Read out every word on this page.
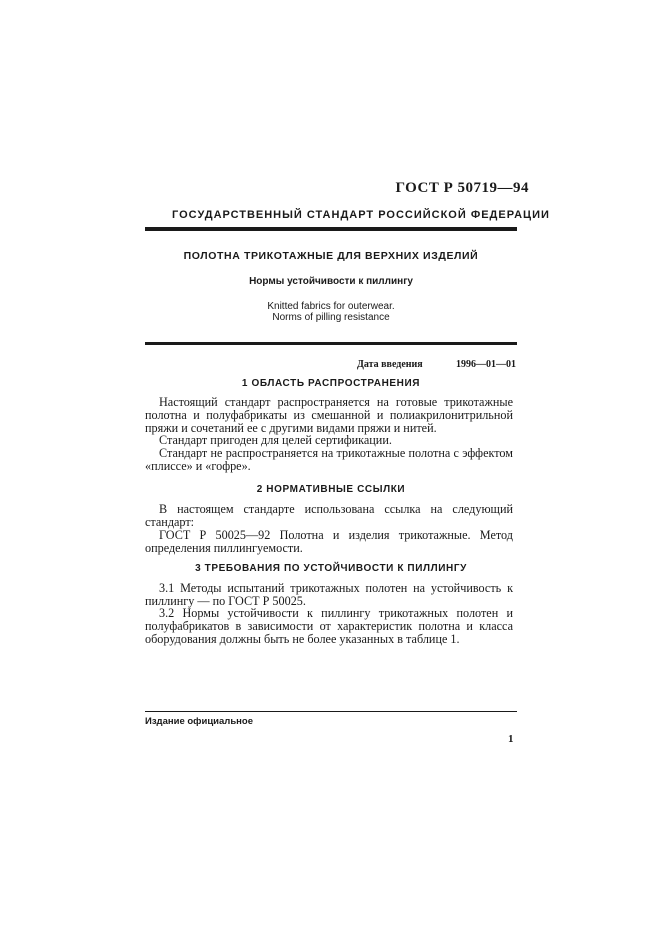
ГОСТ Р 50719—94
ГОСУДАРСТВЕННЫЙ СТАНДАРТ РОССИЙСКОЙ ФЕДЕРАЦИИ
ПОЛОТНА ТРИКОТАЖНЫЕ ДЛЯ ВЕРХНИХ ИЗДЕЛИЙ
Нормы устойчивости к пиллингу
Knitted fabrics for outerwear.
Norms of pilling resistance
Дата введения	1996—01—01
1 ОБЛАСТЬ РАСПРОСТРАНЕНИЯ
Настоящий стандарт распространяется на готовые трикотажные полотна и полуфабрикаты из смешанной и полиакрилонитрильной пряжи и сочетаний ее с другими видами пряжи и нитей.
Стандарт пригоден для целей сертификации.
Стандарт не распространяется на трикотажные полотна с эффектом «плиссе» и «гофре».
2 НОРМАТИВНЫЕ ССЫЛКИ
В настоящем стандарте использована ссылка на следующий стандарт:
ГОСТ Р 50025—92 Полотна и изделия трикотажные. Метод определения пиллингуемости.
3 ТРЕБОВАНИЯ ПО УСТОЙЧИВОСТИ К ПИЛЛИНГУ
3.1 Методы испытаний трикотажных полотен на устойчивость к пиллингу — по ГОСТ Р 50025.
3.2 Нормы устойчивости к пиллингу трикотажных полотен и полуфабрикатов в зависимости от характеристик полотна и класса оборудования должны быть не более указанных в таблице 1.
Издание официальное
1
